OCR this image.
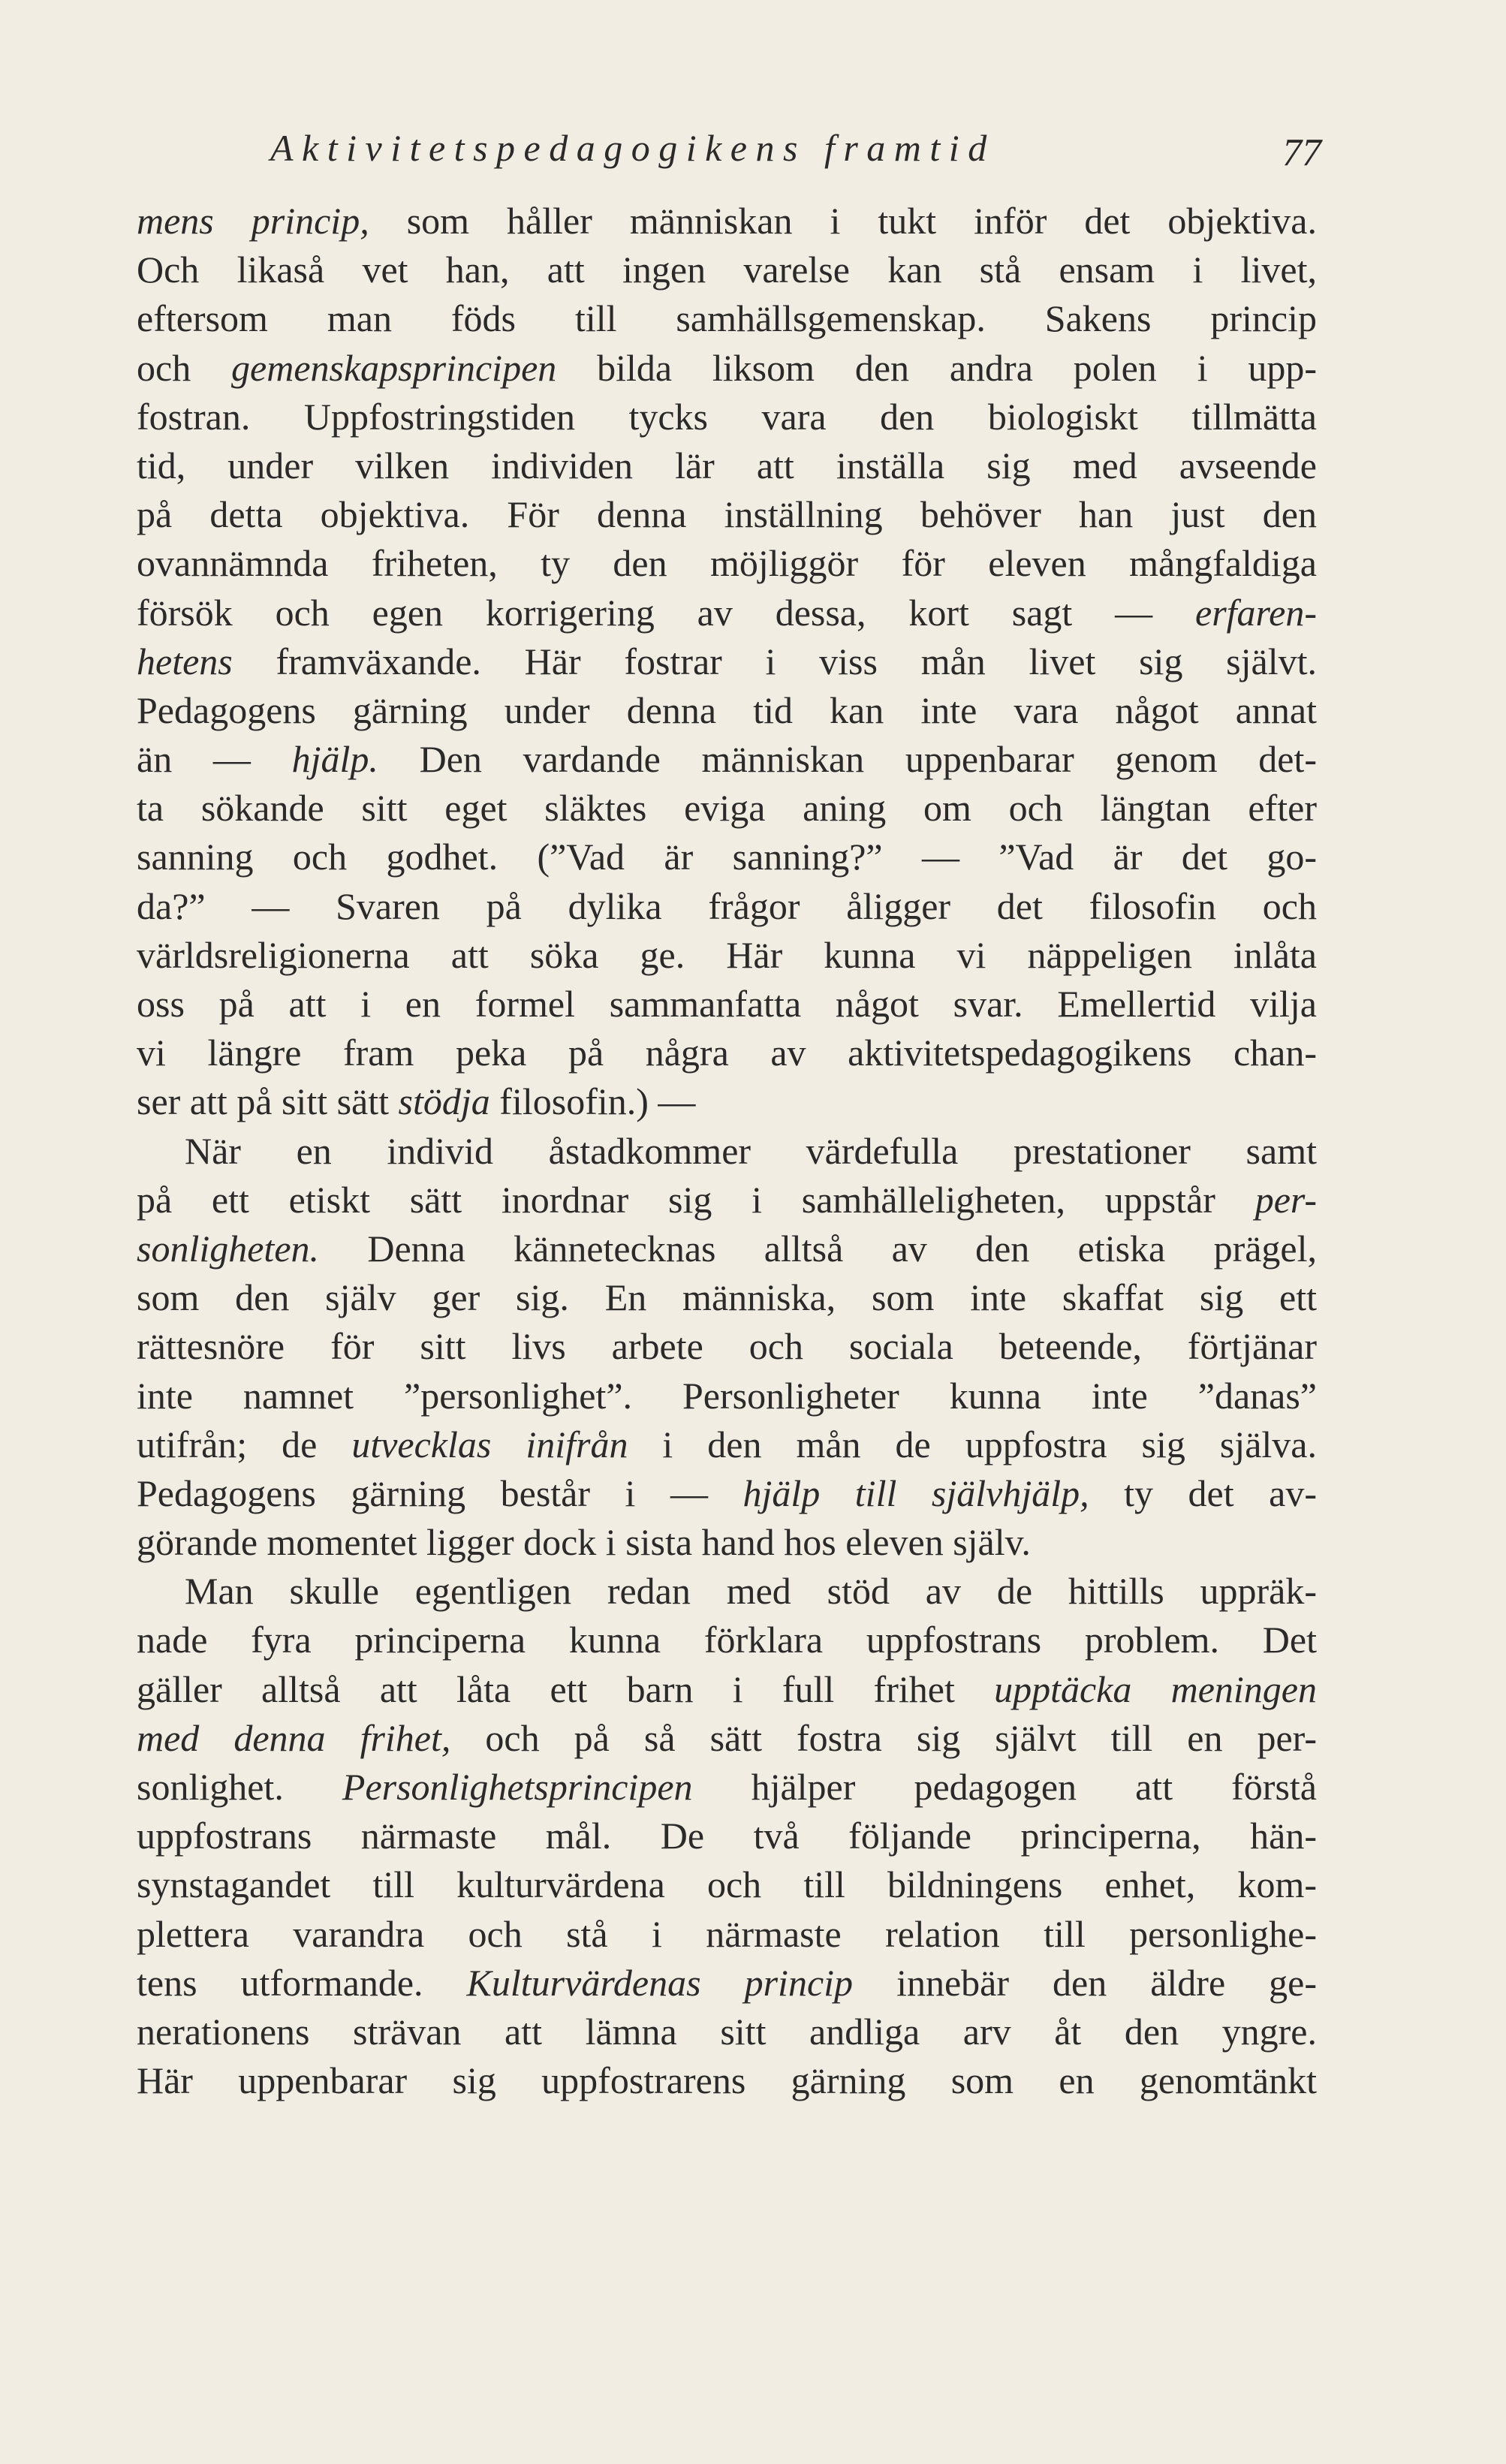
Aktivitetspedagogikens framtid	77
mens princip, som håller människan i tukt inför det objektiva.
Och likaså vet han, att ingen varelse kan stå ensam i livet,
eftersom man föds till samhällsgemenskap. Sakens princip
och gemenskapsprincipen bilda liksom den andra polen i upp-
fostran. Uppfostringstiden tycks vara den biologiskt tillmätta
tid, under vilken individen lär att inställa sig med avseende
på detta objektiva. För denna inställning behöver han just den
ovannämnda friheten, ty den möjliggör för eleven mångfaldiga
försök och egen korrigering av dessa, kort sagt — erfaren-
hetens framväxande. Här fostrar i viss mån livet sig självt.
Pedagogens gärning under denna tid kan inte vara något annat
än — hjälp. Den vardande människan uppenbarar genom det-
ta sökande sitt eget släktes eviga aning om och längtan efter
sanning och godhet. (”Vad är sanning?” — ”Vad är det go-
da?” — Svaren på dylika frågor åligger det filosofin och
världsreligionerna att söka ge. Här kunna vi näppeligen inlåta
oss på att i en formel sammanfatta något svar. Emellertid vilja
vi längre fram peka på några av aktivitetspedagogikens chan-
ser att på sitt sätt stödja filosofin.) —
När en individ åstadkommer värdefulla prestationer samt
på ett etiskt sätt inordnar sig i samhälleligheten, uppstår per-
sonligheten. Denna kännetecknas alltså av den etiska prägel,
som den själv ger sig. En människa, som inte skaffat sig ett
rättesnöre för sitt livs arbete och sociala beteende, förtjänar
inte namnet ”personlighet”. Personligheter kunna inte ”danas”
utifrån; de utvecklas inifrån i den mån de uppfostra sig själva.
Pedagogens gärning består i — hjälp till självhjälp, ty det av-
görande momentet ligger dock i sista hand hos eleven själv.
Man skulle egentligen redan med stöd av de hittills uppräk-
nade fyra principerna kunna förklara uppfostrans problem. Det
gäller alltså att låta ett barn i full frihet upptäcka meningen
med denna frihet, och på så sätt fostra sig självt till en per-
sonlighet. Personlighetsprincipen hjälper pedagogen att förstå
uppfostrans närmaste mål. De två följande principerna, hän-
synstagandet till kulturvärdena och till bildningens enhet, kom-
plettera varandra och stå i närmaste relation till personlighe-
tens utformande. Kulturvärdenas princip innebär den äldre ge-
nerationens strävan att lämna sitt andliga arv åt den yngre.
Här uppenbarar sig uppfostrarens gärning som en genomtänkt
